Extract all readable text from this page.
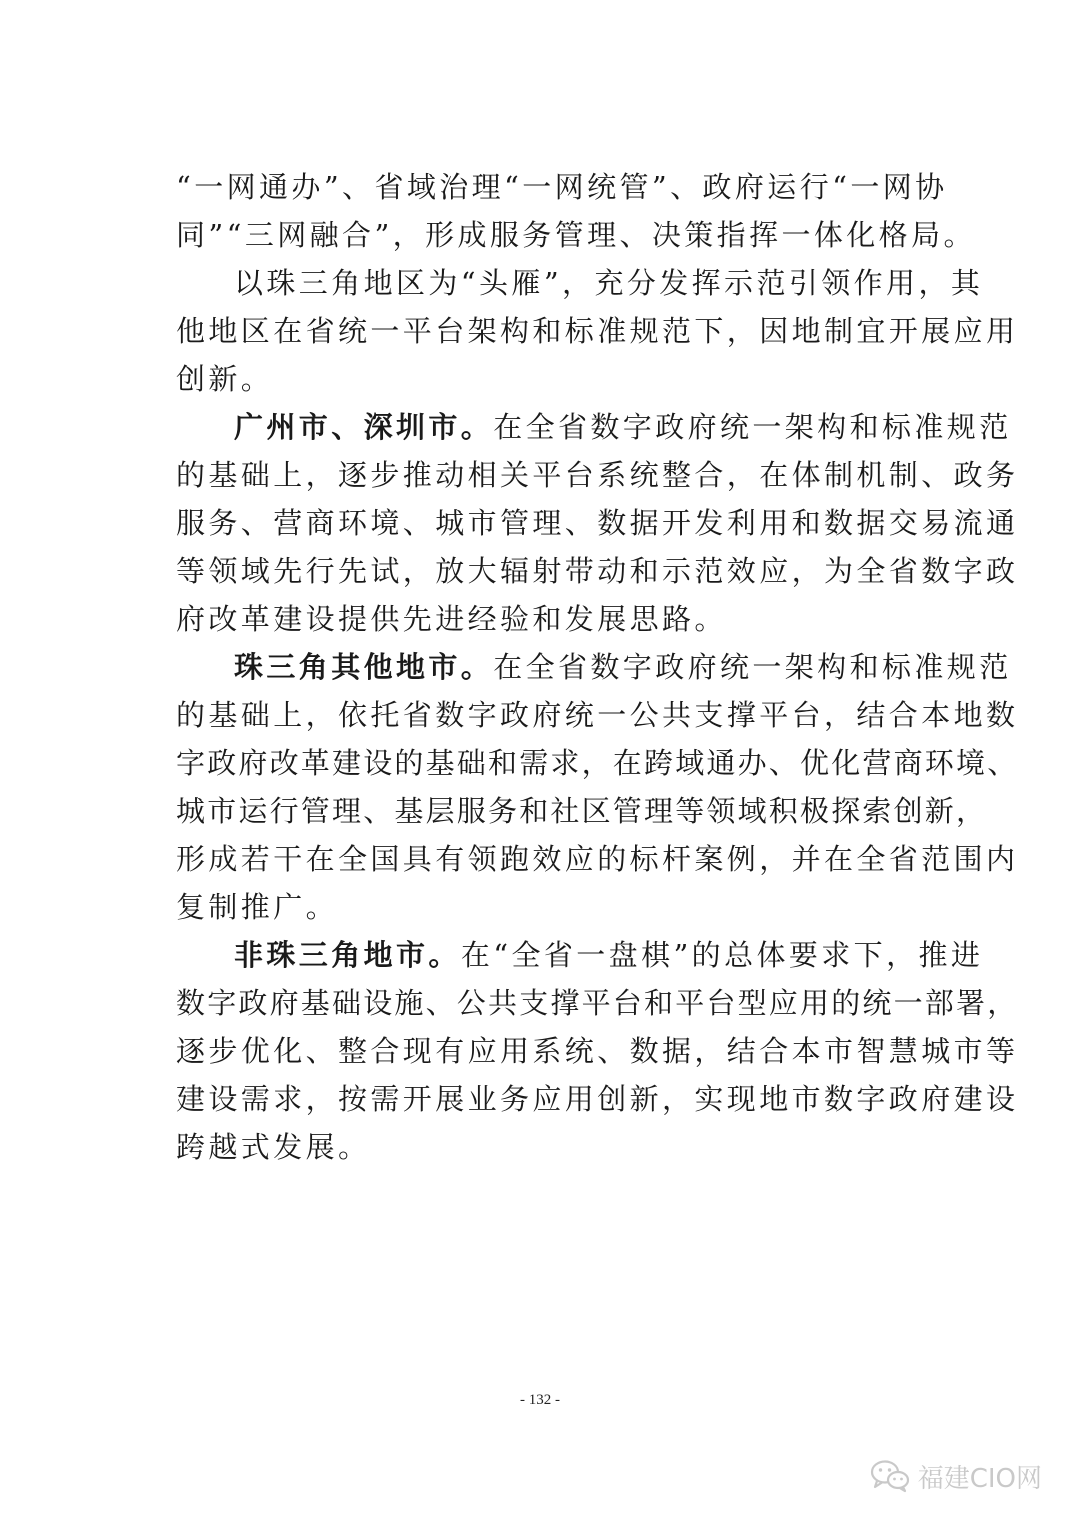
“一网通办”、省域治理“一网统管”、政府运行“一网协
同”“三网融合”，形成服务管理、决策指挥一体化格局。
以珠三角地区为“头雁”，充分发挥示范引领作用，其
他地区在省统一平台架构和标准规范下，因地制宜开展应用
创新。
广州市、深圳市。在全省数字政府统一架构和标准规范
的基础上，逐步推动相关平台系统整合，在体制机制、政务
服务、营商环境、城市管理、数据开发利用和数据交易流通
等领域先行先试，放大辐射带动和示范效应，为全省数字政
府改革建设提供先进经验和发展思路。
珠三角其他地市。在全省数字政府统一架构和标准规范
的基础上，依托省数字政府统一公共支撑平台，结合本地数
字政府改革建设的基础和需求，在跨域通办、优化营商环境、
城市运行管理、基层服务和社区管理等领域积极探索创新，
形成若干在全国具有领跑效应的标杆案例，并在全省范围内
复制推广。
非珠三角地市。在“全省一盘棋”的总体要求下，推进
数字政府基础设施、公共支撑平台和平台型应用的统一部署，
逐步优化、整合现有应用系统、数据，结合本市智慧城市等
建设需求，按需开展业务应用创新，实现地市数字政府建设
跨越式发展。
- 132 -
福建CIO网
